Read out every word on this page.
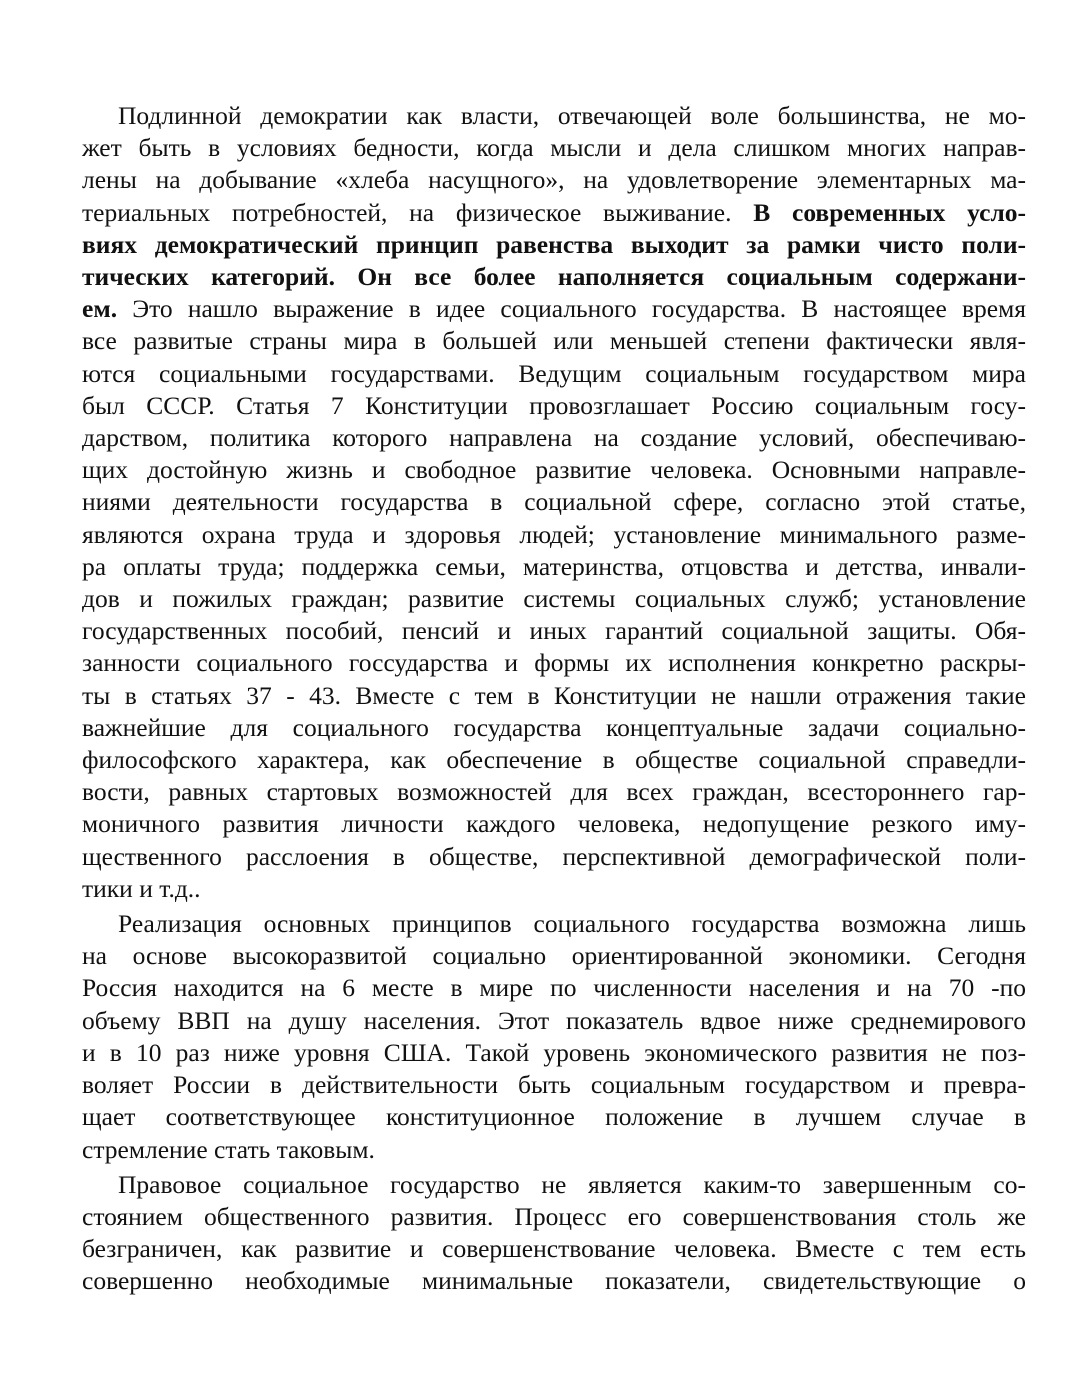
Подлинной демократии как власти, отвечающей воле большинства, не мо-
жет быть в условиях бедности, когда мысли и дела слишком многих направ-
лены на добывание «хлеба насущного», на удовлетворение элементарных ма-
териальных потребностей, на физическое выживание. В современных усло-
виях демократический принцип равенства выходит за рамки чисто поли-
тических категорий. Он все более наполняется социальным содержани-
ем. Это нашло выражение в идее социального государства. В настоящее время
все развитые страны мира в большей или меньшей степени фактически явля-
ются социальными государствами. Ведущим социальным государством мира
был СССР. Статья 7 Конституции провозглашает Россию социальным госу-
дарством, политика которого направлена на создание условий, обеспечиваю-
щих достойную жизнь и свободное развитие человека. Основными направле-
ниями деятельности государства в социальной сфере, согласно этой статье,
являются охрана труда и здоровья людей; установление минимального разме-
ра оплаты труда; поддержка семьи, материнства, отцовства и детства, инвали-
дов и пожилых граждан; развитие системы социальных служб; установление
государственных пособий, пенсий и иных гарантий социальной защиты. Обя-
занности социального госсударства и формы их исполнения конкретно раскры-
ты в статьях 37 - 43. Вместе с тем в Конституции не нашли отражения такие
важнейшие для социального государства концептуальные задачи социально-
философского характера, как обеспечение в обществе социальной справедли-
вости, равных стартовых возможностей для всех граждан, всестороннего гар-
моничного развития личности каждого человека, недопущение резкого иму-
щественного расслоения в обществе, перспективной демографической поли-
тики и т.д..
Реализация основных принципов социального государства возможна лишь
на основе высокоразвитой социально ориентированной экономики. Сегодня
Россия находится на 6 месте в мире по численности населения и на 70 -по
объему ВВП на душу населения. Этот показатель вдвое ниже среднемирового
и в 10 раз ниже уровня США. Такой уровень экономического развития не поз-
воляет России в действительности быть социальным государством и превра-
щает соответствующее конституционное положение в лучшем случае в
стремление стать таковым.
Правовое социальное государство не является каким-то завершенным со-
стоянием общественного развития. Процесс его совершенствования столь же
безграничен, как развитие и совершенствование человека. Вместе с тем есть
совершенно необходимые минимальные показатели, свидетельствующие о
